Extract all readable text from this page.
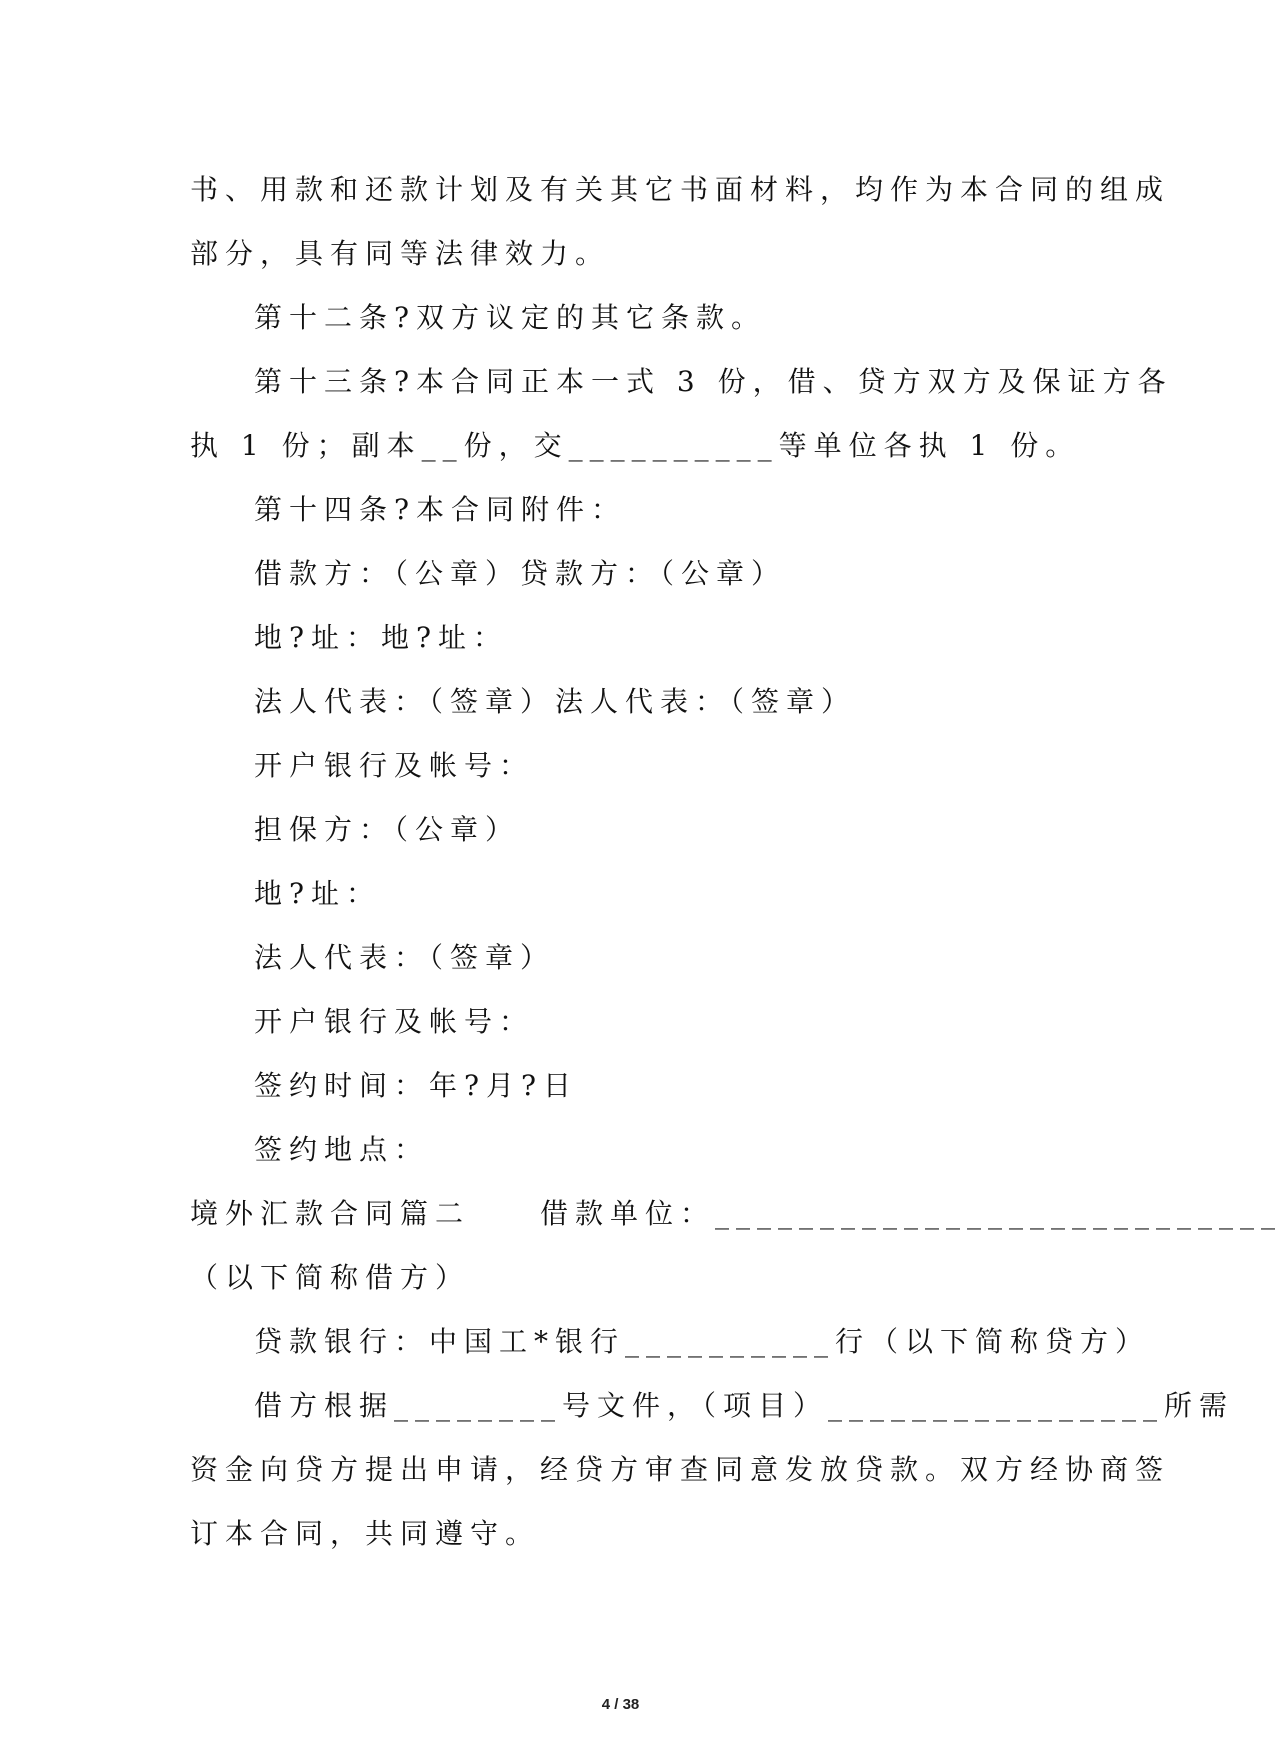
书、用款和还款计划及有关其它书面材料，均作为本合同的组成
部分，具有同等法律效力。
第十二条?双方议定的其它条款。
第十三条?本合同正本一式 3 份，借、贷方双方及保证方各
执 1 份；副本__份，交__________等单位各执 1 份。
第十四条?本合同附件：
借款方：（公章）贷款方：（公章）
地?址：地?址：
法人代表：（签章）法人代表：（签章）
开户银行及帐号：
担保方：（公章）
地?址：
法人代表：（签章）
开户银行及帐号：
签约时间：年?月?日
签约地点：
境外汇款合同篇二　　借款单位：___________________________
（以下简称借方）
贷款银行：中国工*银行__________行（以下简称贷方）
借方根据________号文件，（项目）________________所需
资金向贷方提出申请，经贷方审查同意发放贷款。双方经协商签
订本合同，共同遵守。
4 / 38
